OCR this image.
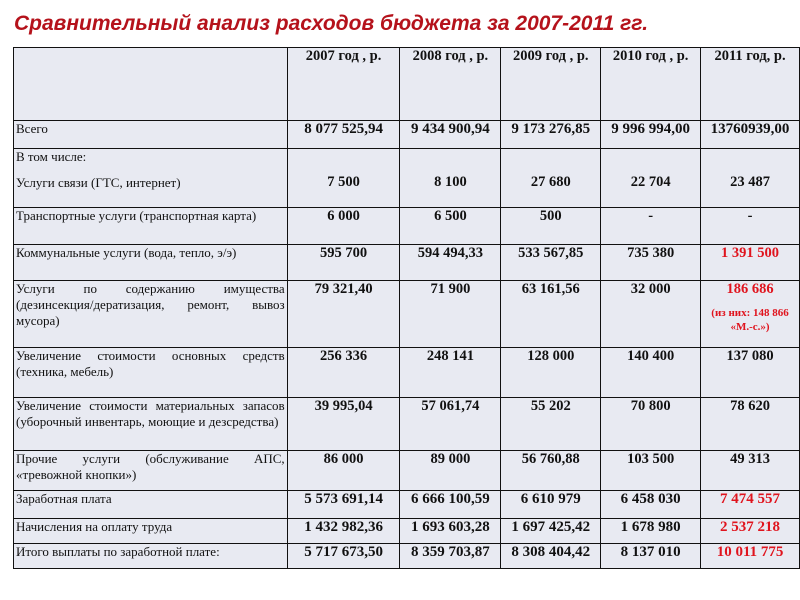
Сравнительный анализ расходов бюджета за 2007-2011 гг.
	2007 год , р.	2008 год , р.	2009 год , р.	2010 год , р.	2011 год, р.
Всего	8 077 525,94	9 434 900,94	9 173 276,85	9 996 994,00	13760939,00

В том числе:
Услуги связи (ГТС, интернет)	7 500	8 100	27 680	22 704	23 487

Транспортные услуги (транспортная карта)	6 000	6 500	500	-	-
Коммунальные услуги (вода, тепло, э/э)	595 700	594 494,33	533 567,85	735 380	1 391 500
Услуги по содержанию имущества (дезинсекция/дератизация, ремонт, вывоз мусора)	79 321,40	71 900	63 161,56	32 000	186 686
(из них: 148 866 «М.-с.»)

Увеличение стоимости основных средств (техника, мебель)	256 336	248 141	128 000	140 400	137 080
Увеличение стоимости материальных запасов (уборочный инвентарь, моющие и дезсредства)	39 995,04	57 061,74	55 202	70 800	78 620
Прочие услуги (обслуживание АПС, «тревожной кнопки»)	86 000	89 000	56 760,88	103 500	49 313
Заработная плата	5 573 691,14	6 666 100,59	6 610 979	6 458 030	7 474 557
Начисления на оплату труда	1 432 982,36	1 693 603,28	1 697 425,42	1 678 980	2 537 218
Итого выплаты по заработной плате:	5 717 673,50	8 359 703,87	8 308 404,42	8 137 010	10 011 775
